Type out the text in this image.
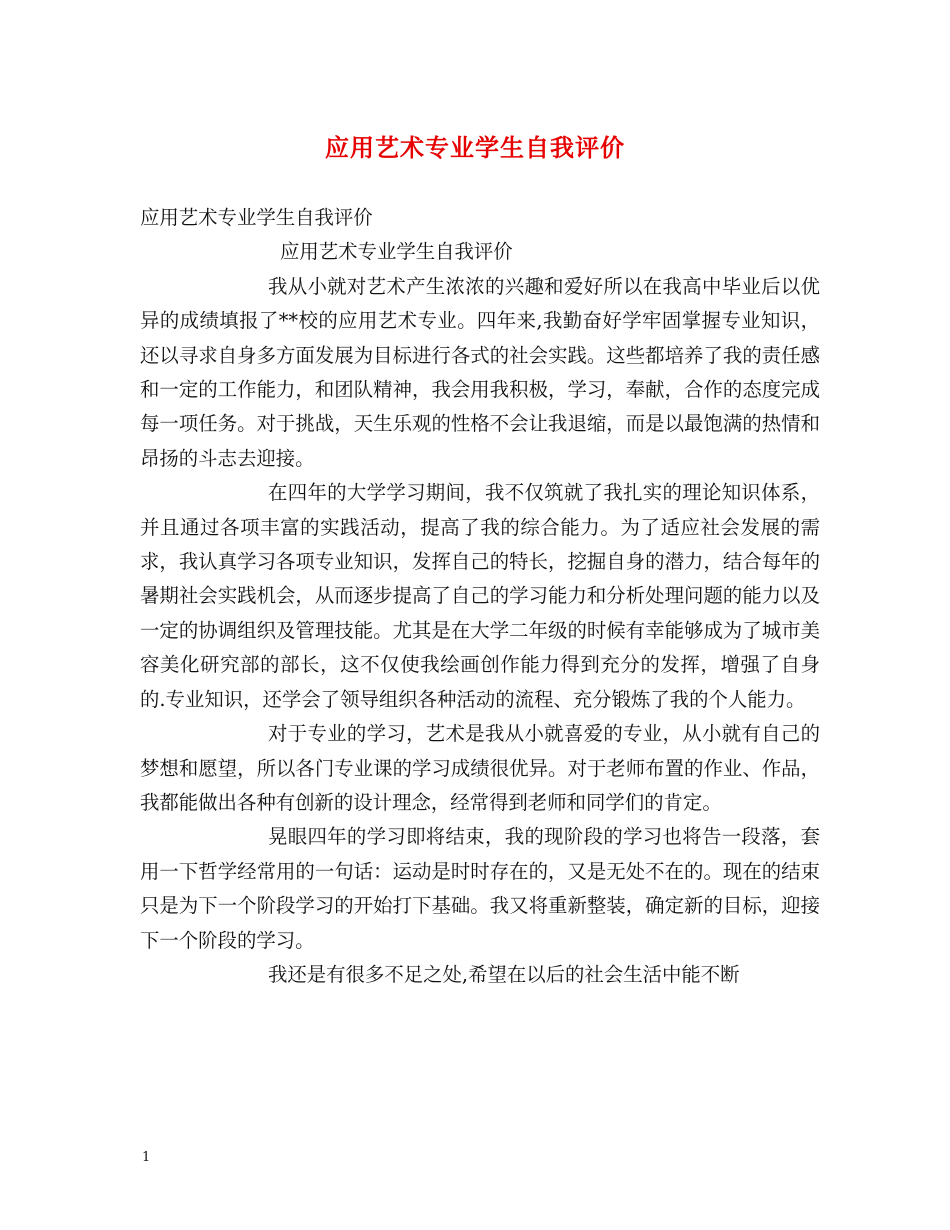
应用艺术专业学生自我评价
应用艺术专业学生自我评价
应用艺术专业学生自我评价

我从小就对艺术产生浓浓的兴趣和爱好所以在我高中毕业后以优异的成绩填报了**校的应用艺术专业。四年来,我勤奋好学牢固掌握专业知识，还以寻求自身多方面发展为目标进行各式的社会实践。这些都培养了我的责任感和一定的工作能力，和团队精神，我会用我积极，学习，奉献，合作的态度完成每一项任务。对于挑战，天生乐观的性格不会让我退缩，而是以最饱满的热情和昂扬的斗志去迎接。

在四年的大学学习期间，我不仅筑就了我扎实的理论知识体系，并且通过各项丰富的实践活动，提高了我的综合能力。为了适应社会发展的需求，我认真学习各项专业知识，发挥自己的特长，挖掘自身的潜力，结合每年的暑期社会实践机会，从而逐步提高了自己的学习能力和分析处理问题的能力以及一定的协调组织及管理技能。尤其是在大学二年级的时候有幸能够成为了城市美容美化研究部的部长，这不仅使我绘画创作能力得到充分的发挥，增强了自身的.专业知识，还学会了领导组织各种活动的流程、充分锻炼了我的个人能力。

对于专业的学习，艺术是我从小就喜爱的专业，从小就有自己的梦想和愿望，所以各门专业课的学习成绩很优异。对于老师布置的作业、作品，我都能做出各种有创新的设计理念，经常得到老师和同学们的肯定。

晃眼四年的学习即将结束，我的现阶段的学习也将告一段落，套用一下哲学经常用的一句话：运动是时时存在的，又是无处不在的。现在的结束只是为下一个阶段学习的开始打下基础。我又将重新整装，确定新的目标，迎接下一个阶段的学习。

我还是有很多不足之处,希望在以后的社会生活中能不断

1
